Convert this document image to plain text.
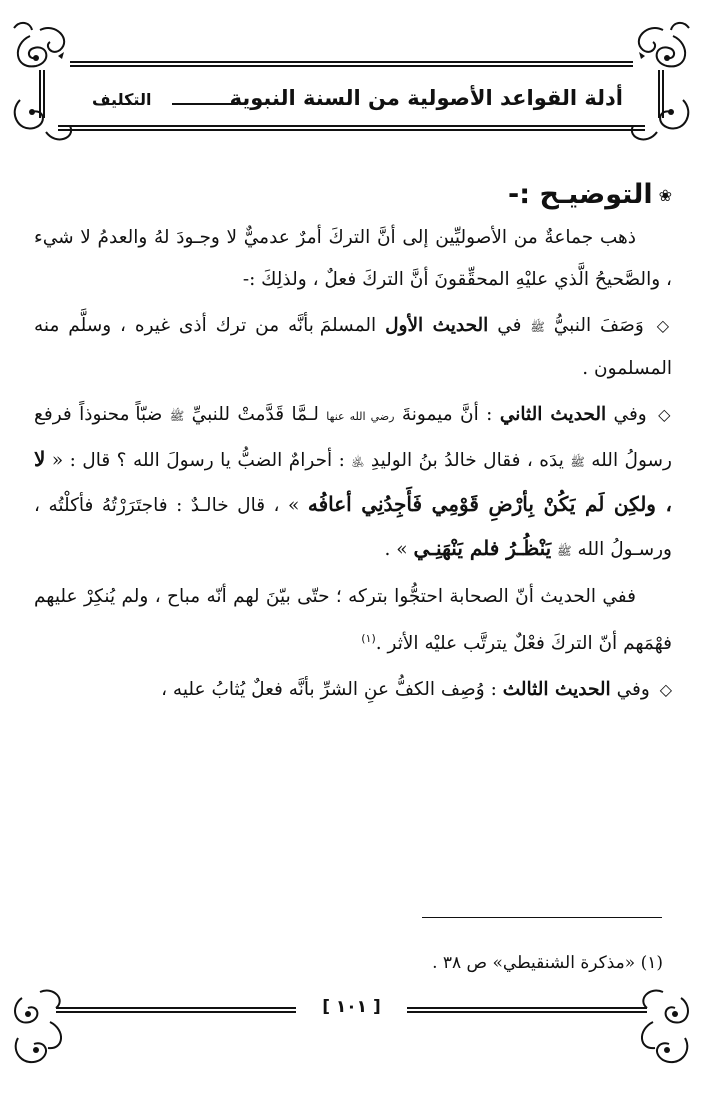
أدلة القواعد الأصولية من السنة النبوية
التكليف
❀التوضيـح :-
ذهب جماعةٌ من الأصوليِّين إلى أنَّ التركَ أمرٌ عدميٌّ لا وجـودَ لهُ والعدمُ لا شيء ، والصَّحيحُ الَّذي عليْهِ المحقِّقونَ أنَّ التركَ فعلٌ ، ولذلِكَ :-
◇ وَصَفَ النبيُّ ﷺ في الحديث الأول المسلمَ بأنَّه من ترك أذى غيره ، وسلَّم منه المسلمون .
◇ وفي الحديث الثاني : أنَّ ميمونةَ رضي الله عنها لـمَّا قَدَّمتْ للنبيِّ ﷺ ضبّاً محنوذاً فرفع رسولُ الله ﷺ يدَه ، فقال خالدُ بنُ الوليدِ ﵁ : أحرامٌ الضبُّ يا رسولَ الله ؟ قال : « لا ، ولكِن لَم يَكُنْ بِأرْضِ قَوْمِي فَأَجِدُنِي أعافُه » ، قال خالـدٌ : فاجتَرَرْتُهُ فأكلْتُه ، ورسـولُ الله ﷺ يَنْظُـرُ فلم يَنْهَنِـي » .
ففي الحديث أنّ الصحابة احتجُّوا بتركه ؛ حتّى بيّنَ لهم أنّه مباح ، ولم يُنكِرْ عليهم فهْمَهم أنّ التركَ فعْلٌ يترتَّب عليْه الأثر .$^{(١)}$
◇ وفي الحديث الثالث : وُصِف الكفُّ عنِ الشرِّ بأنَّه فعلٌ يُثابُ عليه ،
(١) «مذكرة الشنقيطي» ص ٣٨ .
[ ١٠١ ]
